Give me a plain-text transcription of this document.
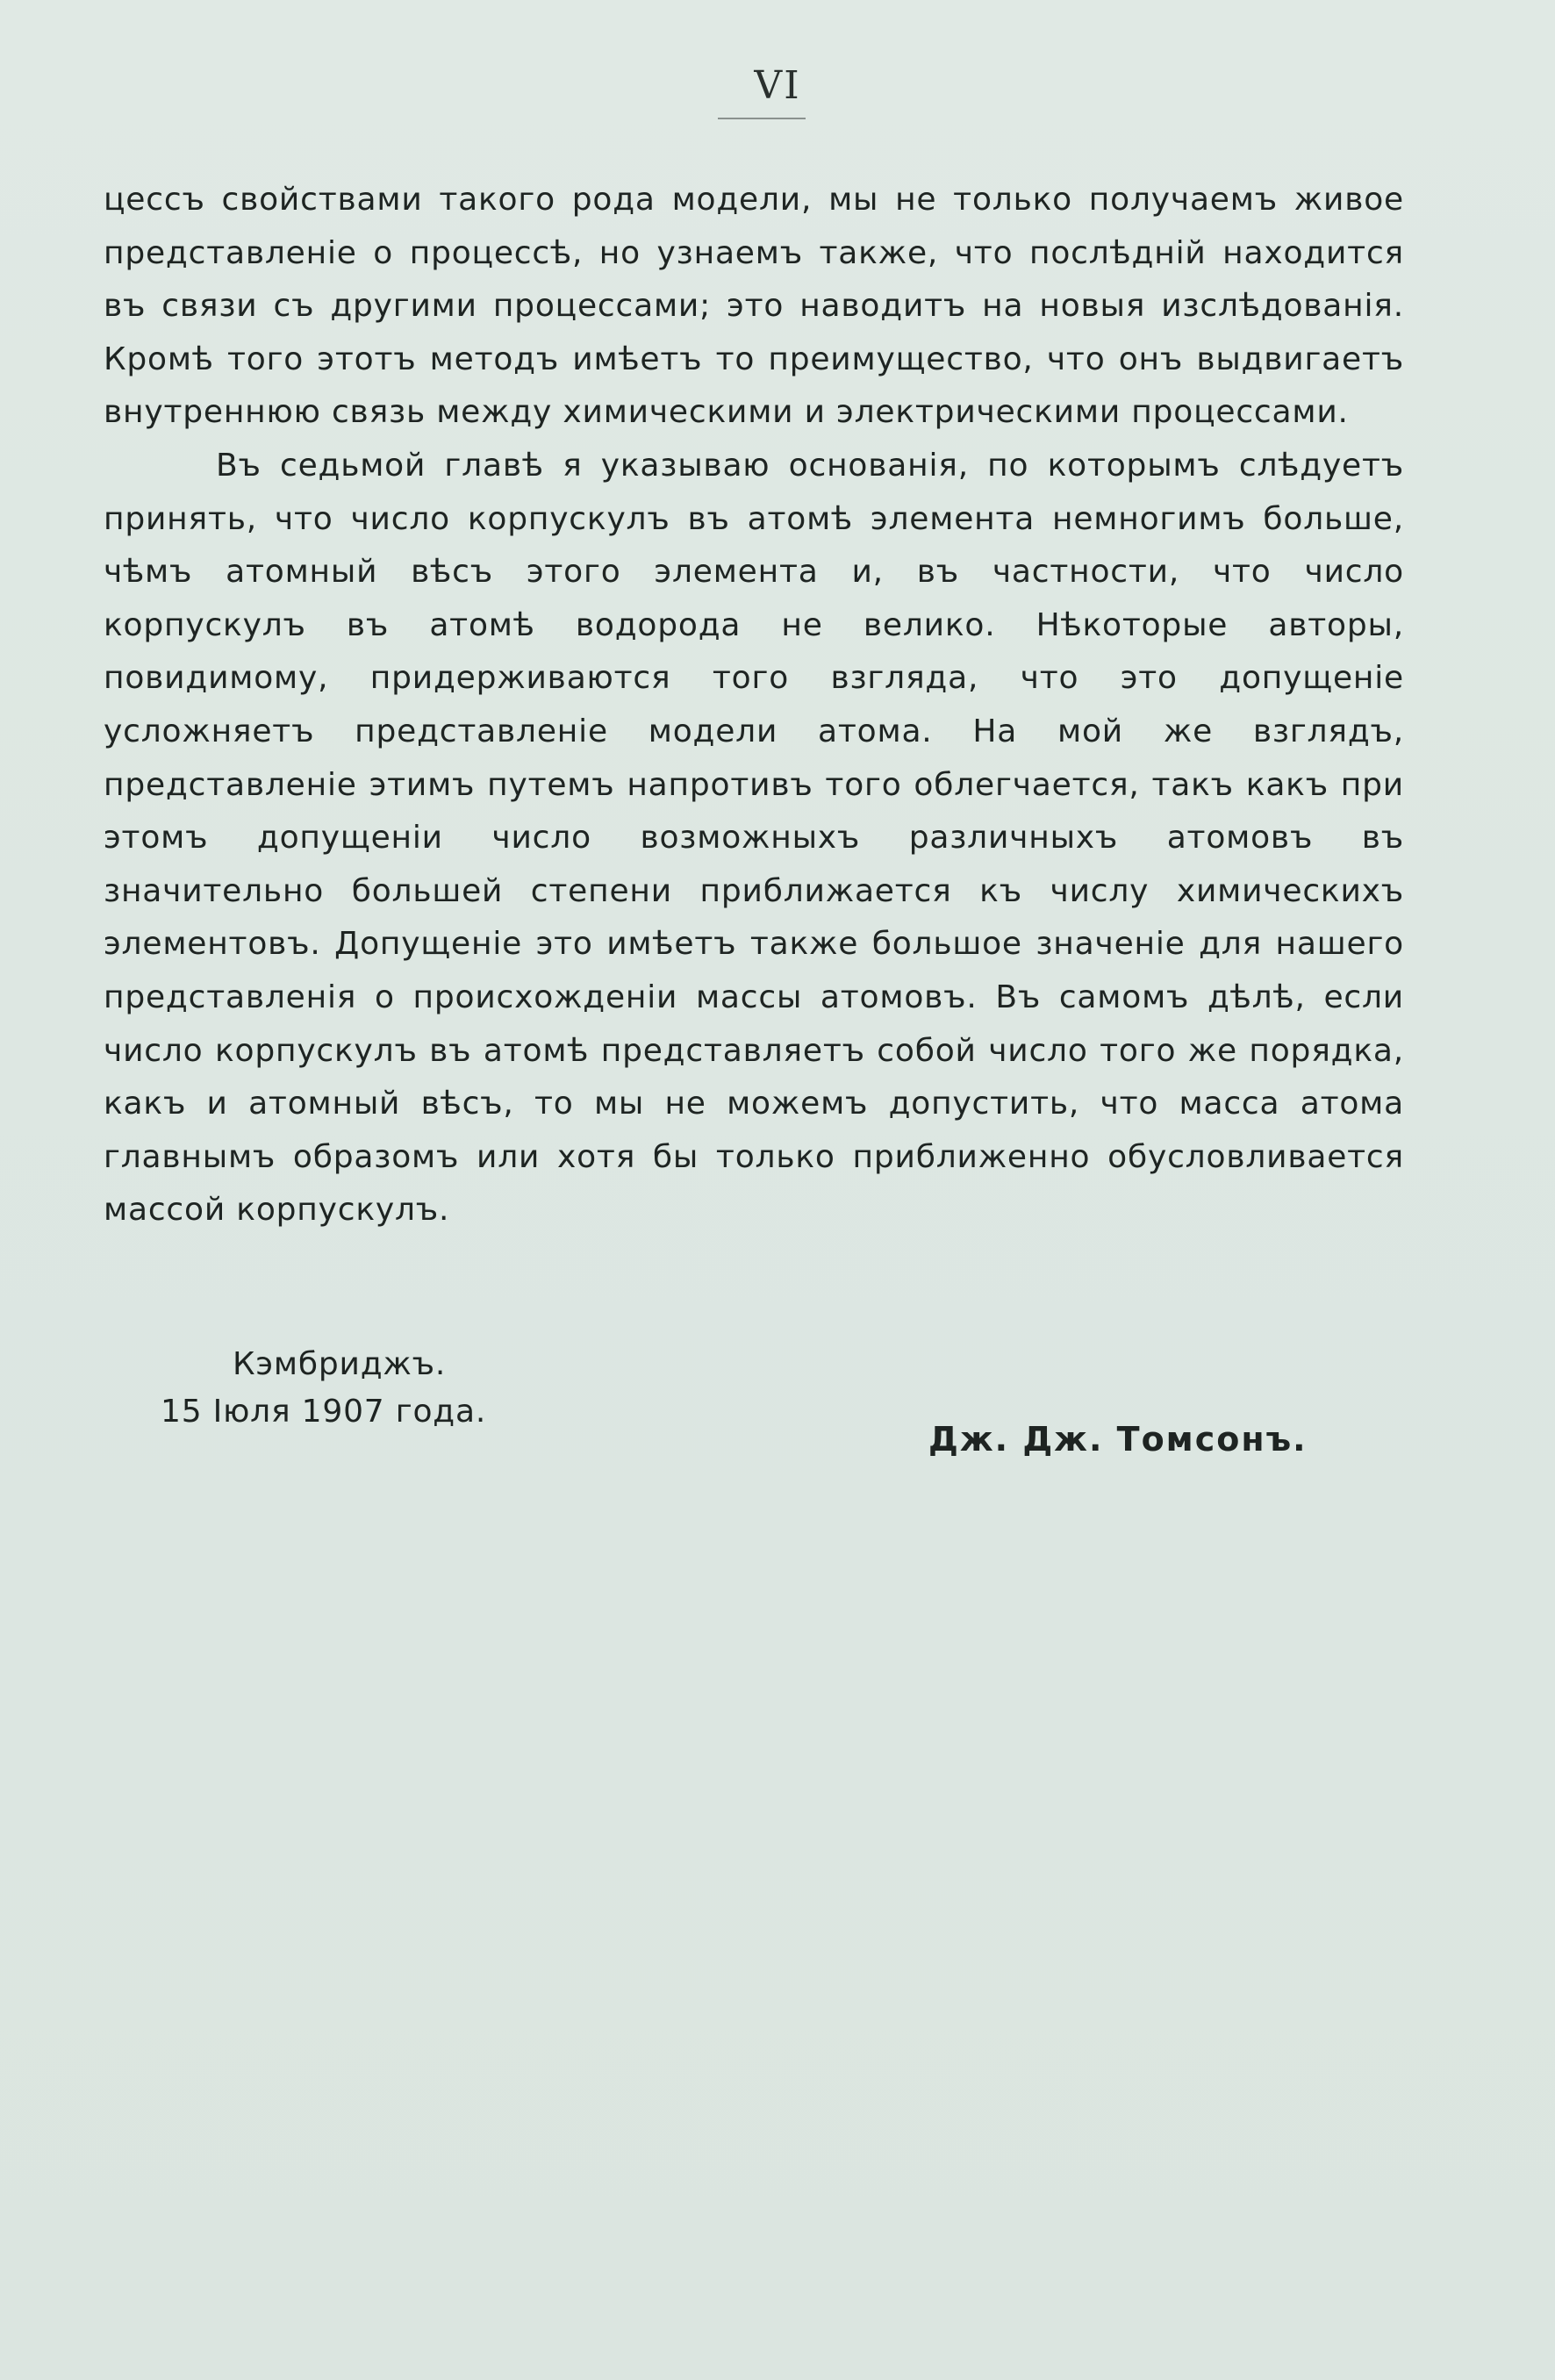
VI

цессъ свойствами такого рода модели, мы не только получаемъ живое представленіе о процессѣ, но узнаемъ также, что послѣдній находится въ связи съ другими процессами; это наводитъ на новыя изслѣдованія. Кромѣ того этотъ методъ имѣетъ то преимущество, что онъ выдвигаетъ внутреннюю связь между химическими и электрическими процессами.

Въ седьмой главѣ я указываю основанія, по которымъ слѣдуетъ принять, что число корпускулъ въ атомѣ элемента немногимъ больше, чѣмъ атомный вѣсъ этого элемента и, въ частности, что число корпускулъ въ атомѣ водорода не велико. Нѣкоторые авторы, повидимому, придерживаются того взгляда, что это допущеніе усложняетъ представленіе модели атома. На мой же взглядъ, представленіе этимъ путемъ напротивъ того облегчается, такъ какъ при этомъ допущеніи число возможныхъ различныхъ атомовъ въ значительно большей степени приближается къ числу химическихъ элементовъ. Допущеніе это имѣетъ также большое значеніе для нашего представленія о происхожденіи массы атомовъ. Въ самомъ дѣлѣ, если число корпускулъ въ атомѣ представляетъ собой число того же порядка, какъ и атомный вѣсъ, то мы не можемъ допустить, что масса атома главнымъ образомъ или хотя бы только приближенно обусловливается массой корпускулъ.

Кэмбриджъ.
15 Іюля 1907 года.
Дж. Дж. Томсонъ.
